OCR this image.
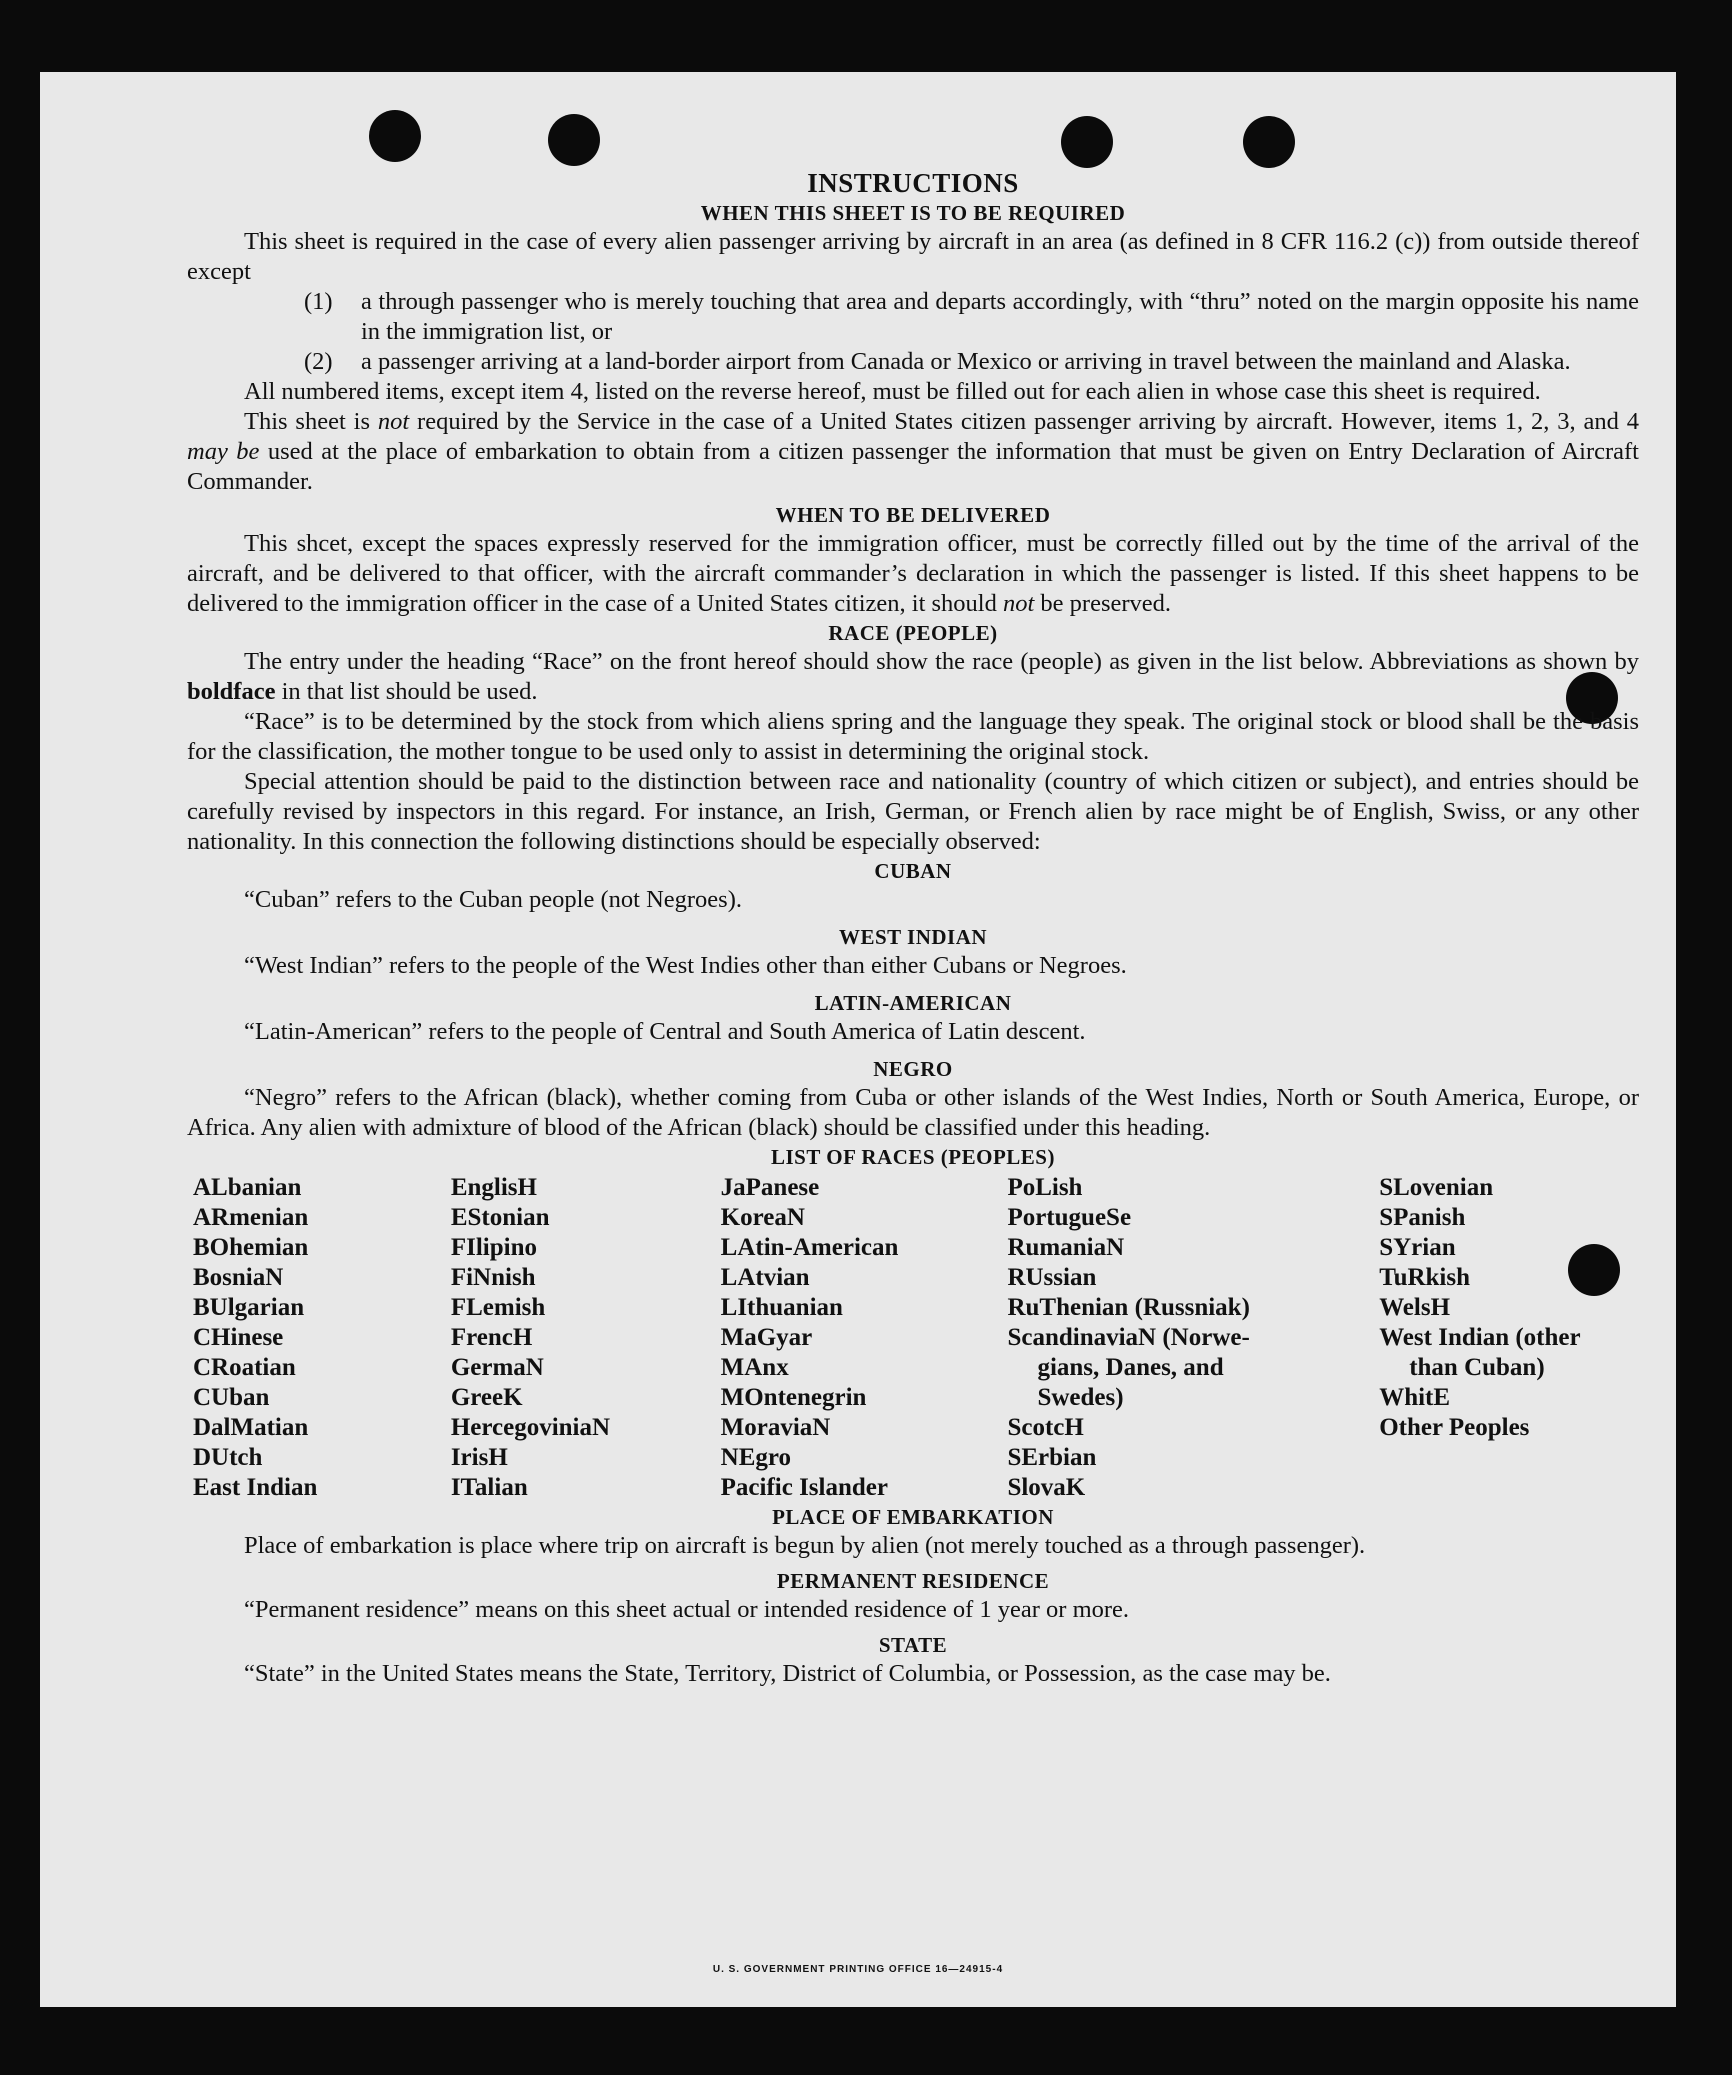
INSTRUCTIONS
WHEN THIS SHEET IS TO BE REQUIRED

This sheet is required in the case of every alien passenger arriving by aircraft in an area (as defined in 8 CFR 116.2 (c)) from outside thereof except

(1) a through passenger who is merely touching that area and departs accordingly, with “thru” noted on the margin opposite his name in the immigration list, or

(2) a passenger arriving at a land-border airport from Canada or Mexico or arriving in travel between the mainland and Alaska.

All numbered items, except item 4, listed on the reverse hereof, must be filled out for each alien in whose case this sheet is required.

This sheet is not required by the Service in the case of a United States citizen passenger arriving by aircraft. However, items 1, 2, 3, and 4 may be used at the place of embarkation to obtain from a citizen passenger the information that must be given on Entry Declaration of Aircraft Commander.

WHEN TO BE DELIVERED

This shcet, except the spaces expressly reserved for the immigration officer, must be correctly filled out by the time of the arrival of the aircraft, and be delivered to that officer, with the aircraft commander’s declaration in which the passenger is listed. If this sheet happens to be delivered to the immigration officer in the case of a United States citizen, it should not be preserved.

RACE (PEOPLE)

The entry under the heading “Race” on the front hereof should show the race (people) as given in the list below. Abbreviations as shown by boldface in that list should be used.

“Race” is to be determined by the stock from which aliens spring and the language they speak. The original stock or blood shall be the basis for the classification, the mother tongue to be used only to assist in determining the original stock.

Special attention should be paid to the distinction between race and nationality (country of which citizen or subject), and entries should be carefully revised by inspectors in this regard. For instance, an Irish, German, or French alien by race might be of English, Swiss, or any other nationality. In this connection the following distinctions should be especially observed:

CUBAN

“Cuban” refers to the Cuban people (not Negroes).

WEST INDIAN

“West Indian” refers to the people of the West Indies other than either Cubans or Negroes.

LATIN-AMERICAN

“Latin-American” refers to the people of Central and South America of Latin descent.

NEGRO

“Negro” refers to the African (black), whether coming from Cuba or other islands of the West Indies, North or South America, Europe, or Africa. Any alien with admixture of blood of the African (black) should be classified under this heading.

LIST OF RACES (PEOPLES)
ALbanian
ARmenian
BOhemian
BosniaN
BUlgarian
CHinese
CRoatian
CUban
DalMatian
DUtch
East Indian
EnglisH
EStonian
FIlipino
FiNnish
FLemish
FrencH
GermaN
GreeK
HercegoviniaN
IrisH
ITalian
JaPanese
KoreaN
LAtin-American
LAtvian
LIthuanian
MaGyar
MAnx
MOntenegrin
MoraviaN
NEgro
Pacific Islander
PoLish
PortugueSe
RumaniaN
RUssian
RuThenian (Russniak)
ScandinaviaN (Norwe-
gians, Danes, and
Swedes)
ScotcH
SErbian
SlovaK
SLovenian
SPanish
SYrian
TuRkish
WelsH
West Indian (other
than Cuban)
WhitE
Other Peoples
PLACE OF EMBARKATION

Place of embarkation is place where trip on aircraft is begun by alien (not merely touched as a through passenger).

PERMANENT RESIDENCE

“Permanent residence” means on this sheet actual or intended residence of 1 year or more.

STATE

“State” in the United States means the State, Territory, District of Columbia, or Possession, as the case may be.

U. S. GOVERNMENT PRINTING OFFICE 16—24915-4
